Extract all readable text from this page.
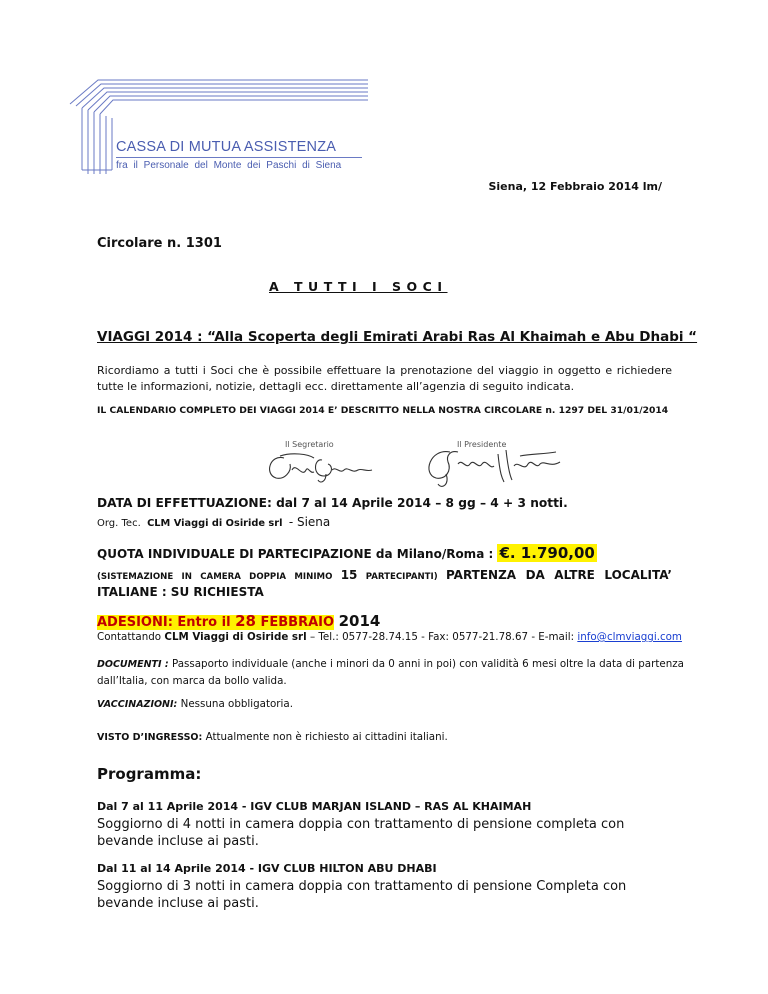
CASSA DI MUTUA ASSISTENZA
fra il Personale del Monte dei Paschi di Siena
Siena, 12 Febbraio 2014 lm/
Circolare n. 1301
A TUTTI I SOCI
VIAGGI 2014 : “Alla Scoperta degli Emirati Arabi Ras Al Khaimah e Abu Dhabi “
Ricordiamo a tutti i Soci che è possibile effettuare la prenotazione del viaggio in oggetto e richiedere tutte le informazioni, notizie, dettagli ecc. direttamente all’agenzia di seguito indicata.
IL CALENDARIO COMPLETO DEI VIAGGI 2014 E’ DESCRITTO NELLA NOSTRA CIRCOLARE n. 1297 DEL 31/01/2014
Il Segretario	Il Presidente
DATA DI EFFETTUAZIONE: dal 7 al 14 Aprile 2014 – 8 gg – 4 + 3 notti.
Org. Tec. CLM Viaggi di Osiride srl - Siena
QUOTA INDIVIDUALE DI PARTECIPAZIONE da Milano/Roma : €. 1.790,00
(SISTEMAZIONE IN CAMERA DOPPIA MINIMO 15 PARTECIPANTI) PARTENZA DA ALTRE LOCALITA’ ITALIANE : SU RICHIESTA
ADESIONI: Entro il 28 FEBBRAIO 2014
Contattando CLM Viaggi di Osiride srl – Tel.: 0577-28.74.15 - Fax: 0577-21.78.67 - E-mail: info@clmviaggi.com
DOCUMENTI : Passaporto individuale (anche i minori da 0 anni in poi) con validità 6 mesi oltre la data di partenza dall’Italia, con marca da bollo valida.
VACCINAZIONI: Nessuna obbligatoria.
VISTO D’INGRESSO: Attualmente non è richiesto ai cittadini italiani.
Programma:
Dal 7 al 11 Aprile 2014 - IGV CLUB MARJAN ISLAND – RAS AL KHAIMAH
Soggiorno di 4 notti in camera doppia con trattamento di pensione completa con bevande incluse ai pasti.
Dal 11 al 14 Aprile 2014 - IGV CLUB HILTON ABU DHABI
Soggiorno di 3 notti in camera doppia con trattamento di pensione Completa con bevande incluse ai pasti.
